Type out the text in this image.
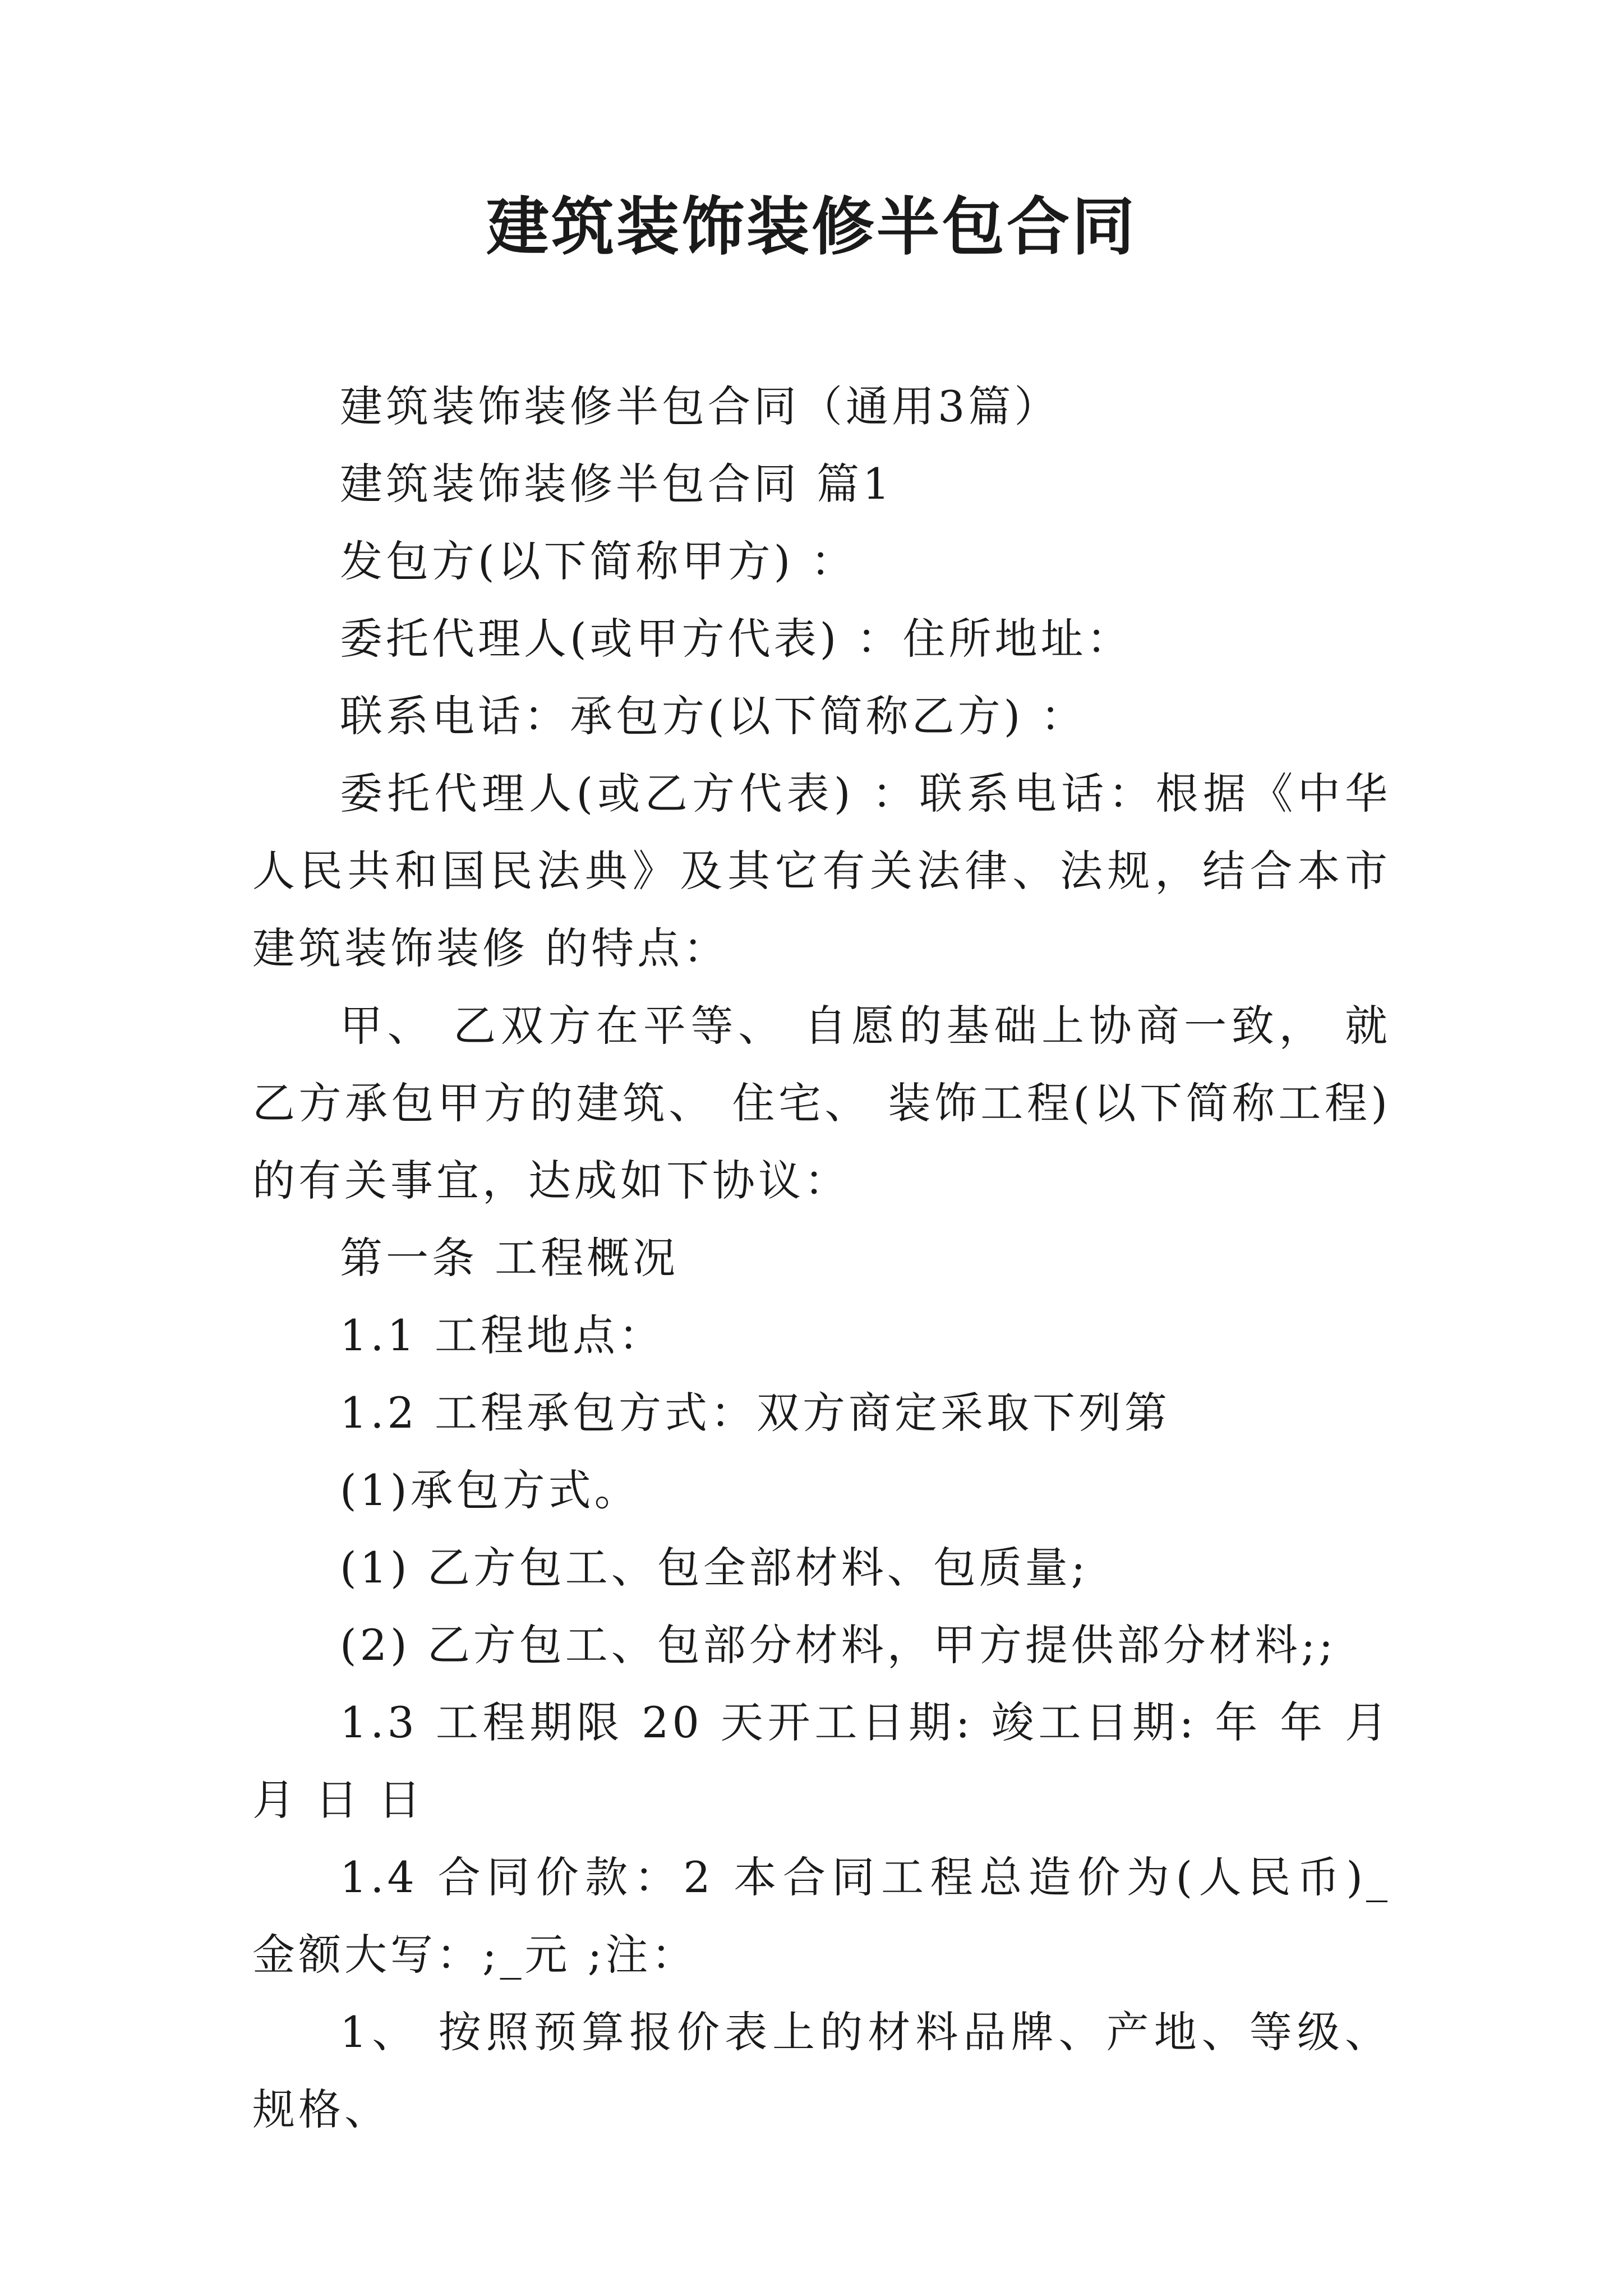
建筑装饰装修半包合同

建筑装饰装修半包合同（通用3篇）

建筑装饰装修半包合同 篇1

发包方(以下简称甲方) ：

委托代理人(或甲方代表) ：住所地址：

联系电话：承包方(以下简称乙方) ：

委托代理人(或乙方代表) ：联系电话：根据《中华人民共和国民法典》及其它有关法律、法规，结合本市建筑装饰装修 的特点：

甲、 乙双方在平等、 自愿的基础上协商一致， 就乙方承包甲方的建筑、 住宅、 装饰工程(以下简称工程)的有关事宜，达成如下协议：

第一条 工程概况

1.1 工程地点：

1.2 工程承包方式：双方商定采取下列第

(1)承包方式。

(1) 乙方包工、包全部材料、包质量;

(2) 乙方包工、包部分材料，甲方提供部分材料;;

1.3 工程期限 20 天开工日期: 竣工日期: 年 年 月 月 日 日

1.4 合同价款：2 本合同工程总造价为(人民币)_ 金额大写：;_元 ;注：

1、 按照预算报价表上的材料品牌、产地、等级、规格、
